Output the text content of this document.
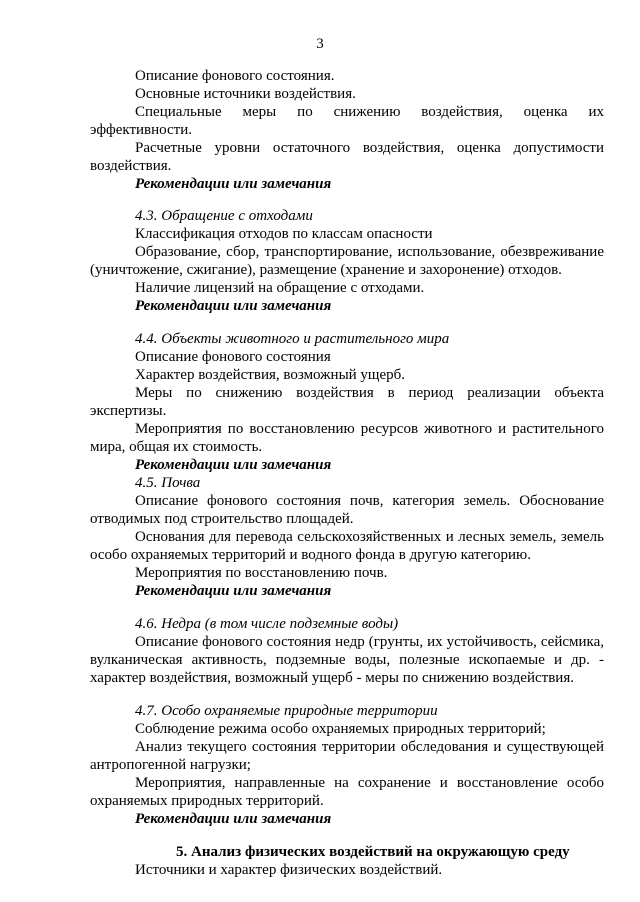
3
Описание фонового состояния.
Основные источники воздействия.
Специальные меры по снижению воздействия, оценка их
эффективности.
Расчетные уровни остаточного воздействия, оценка допустимости
воздействия.
Рекомендации или замечания
4.3. Обращение с отходами
Классификация отходов по классам опасности
Образование, сбор, транспортирование, использование, обезвреживание
(уничтожение, сжигание), размещение (хранение и захоронение) отходов.
Наличие лицензий на обращение с отходами.
Рекомендации или замечания
4.4. Объекты животного и растительного мира
Описание фонового состояния
Характер воздействия, возможный ущерб.
Меры по снижению воздействия в период реализации объекта
экспертизы.
Мероприятия по восстановлению ресурсов животного и растительного
мира, общая их стоимость.
Рекомендации или замечания
4.5. Почва
Описание фонового состояния почв, категория земель. Обоснование
отводимых под строительство площадей.
Основания для перевода сельскохозяйственных и лесных земель, земель
особо охраняемых территорий и водного фонда в другую категорию.
Мероприятия по восстановлению почв.
Рекомендации или замечания
4.6. Недра (в том числе подземные воды)
Описание фонового состояния недр (грунты, их устойчивость, сейсмика,
вулканическая активность, подземные воды, полезные ископаемые и др. -
характер воздействия, возможный ущерб - меры по снижению воздействия.
4.7. Особо охраняемые природные территории
Соблюдение режима особо охраняемых природных территорий;
Анализ текущего состояния территории обследования и существующей
антропогенной нагрузки;
Мероприятия, направленные на сохранение и восстановление особо
охраняемых природных территорий.
Рекомендации или замечания
5. Анализ физических воздействий на окружающую среду
Источники и характер физических воздействий.
